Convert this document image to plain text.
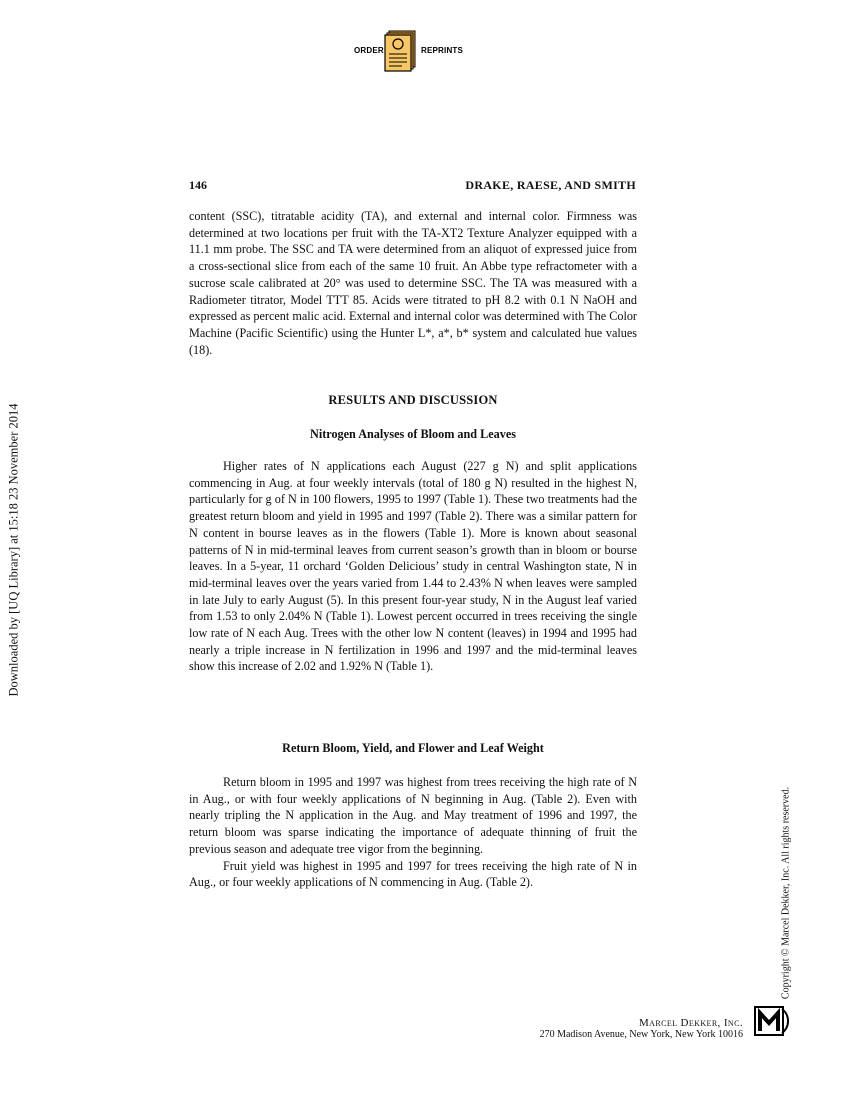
ORDER	REPRINTS
146	DRAKE, RAESE, AND SMITH

content (SSC), titratable acidity (TA), and external and internal color. Firmness was determined at two locations per fruit with the TA-XT2 Texture Analyzer equipped with a 11.1 mm probe. The SSC and TA were determined from an aliquot of expressed juice from a cross-sectional slice from each of the same 10 fruit. An Abbe type refractometer with a sucrose scale calibrated at 20° was used to determine SSC. The TA was measured with a Radiometer titrator, Model TTT 85. Acids were titrated to pH 8.2 with 0.1 N NaOH and expressed as percent malic acid. External and internal color was determined with The Color Machine (Pacific Scientific) using the Hunter L*, a*, b* system and calculated hue values (18).

RESULTS AND DISCUSSION
Nitrogen Analyses of Bloom and Leaves

Higher rates of N applications each August (227 g N) and split applications commencing in Aug. at four weekly intervals (total of 180 g N) resulted in the highest N, particularly for g of N in 100 flowers, 1995 to 1997 (Table 1). These two treatments had the greatest return bloom and yield in 1995 and 1997 (Table 2). There was a similar pattern for N content in bourse leaves as in the flowers (Table 1). More is known about seasonal patterns of N in mid-terminal leaves from current season’s growth than in bloom or bourse leaves. In a 5-year, 11 orchard ‘Golden Delicious’ study in central Washington state, N in mid-terminal leaves over the years varied from 1.44 to 2.43% N when leaves were sampled in late July to early August (5). In this present four-year study, N in the August leaf varied from 1.53 to only 2.04% N (Table 1). Lowest percent occurred in trees receiving the single low rate of N each Aug. Trees with the other low N content (leaves) in 1994 and 1995 had nearly a triple increase in N fertilization in 1996 and 1997 and the mid-terminal leaves show this increase of 2.02 and 1.92% N (Table 1).

Return Bloom, Yield, and Flower and Leaf Weight

Return bloom in 1995 and 1997 was highest from trees receiving the high rate of N in Aug., or with four weekly applications of N beginning in Aug. (Table 2). Even with nearly tripling the N application in the Aug. and May treatment of 1996 and 1997, the return bloom was sparse indicating the importance of adequate thinning of fruit the previous season and adequate tree vigor from the beginning.

Fruit yield was highest in 1995 and 1997 for trees receiving the high rate of N in Aug., or four weekly applications of N commencing in Aug. (Table 2).

Downloaded by [UQ Library] at 15:18 23 November 2014
Copyright © Marcel Dekker, Inc. All rights reserved.
Marcel Dekker, Inc.
270 Madison Avenue, New York, New York 10016
